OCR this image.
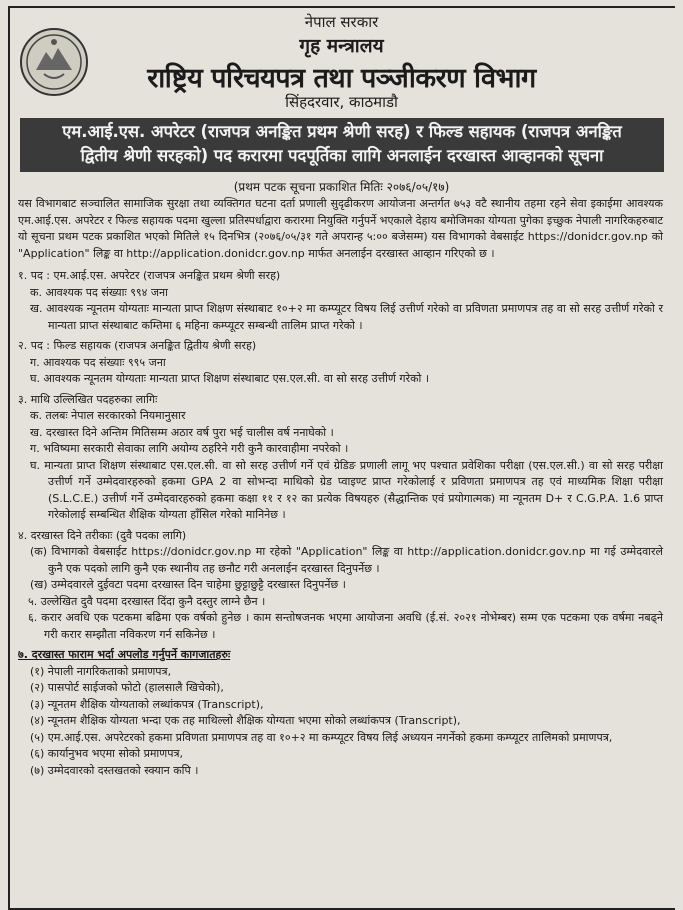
नेपाल सरकार
गृह मन्त्रालय
राष्ट्रिय परिचयपत्र तथा पञ्जीकरण विभाग
सिंहदरवार, काठमाडौ
एम.आई.एस. अपरेटर (राजपत्र अनङ्कित प्रथम श्रेणी सरह) र फिल्ड सहायक (राजपत्र अनङ्कित
द्वितीय श्रेणी सरहको) पद करारमा पदपूर्तिका लागि अनलाईन दरखास्त आव्हानको सूचना
(प्रथम पटक सूचना प्रकाशित मितिः २०७६/०५/१७)

यस विभागबाट सञ्चालित सामाजिक सुरक्षा तथा व्यक्तिगत घटना दर्ता प्रणाली सुदृढीकरण आयोजना अन्तर्गत ७५३ वटै स्थानीय तहमा रहने सेवा इकाईमा आवश्यक एम.आई.एस. अपरेटर र फिल्ड सहायक पदमा खुल्ला प्रतिस्पर्धाद्वारा करारमा नियुक्ति गर्नुपर्ने भएकाले देहाय बमोजिमका योग्यता पुगेका इच्छुक नेपाली नागरिकहरुबाट यो सूचना प्रथम पटक प्रकाशित भएको मितिले १५ दिनभित्र (२०७६/०५/३१ गते अपरान्ह ५:०० बजेसम्म) यस विभागको वेबसाईट https://donidcr.gov.np को "Application" लिङ्क वा http://application.donidcr.gov.np मार्फत अनलाईन दरखास्त आव्हान गरिएको छ ।

१. पद : एम.आई.एस. अपरेटर (राजपत्र अनङ्कित प्रथम श्रेणी सरह)
क. आवश्यक पद संख्याः ९९४ जना
ख. आवश्यक न्यूनतम योग्यताः मान्यता प्राप्त शिक्षण संस्थाबाट १०+२ मा कम्प्यूटर विषय लिई उत्तीर्ण गरेको वा प्रविणता प्रमाणपत्र तह वा सो सरह उत्तीर्ण गरेको र मान्यता प्राप्त संस्थाबाट कम्तिमा ६ महिना कम्प्यूटर सम्बन्धी तालिम प्राप्त गरेको ।
२. पद : फिल्ड सहायक (राजपत्र अनङ्कित द्वितीय श्रेणी सरह)
ग. आवश्यक पद संख्याः ९९५ जना
घ. आवश्यक न्यूनतम योग्यताः मान्यता प्राप्त शिक्षण संस्थाबाट एस.एल.सी. वा सो सरह उत्तीर्ण गरेको ।
३. माथि उल्लिखित पदहरुका लागिः
क. तलबः नेपाल सरकारको नियमानुसार
ख. दरखास्त दिने अन्तिम मितिसम्म अठार वर्ष पुरा भई चालीस वर्ष ननाघेको ।
ग. भविष्यमा सरकारी सेवाका लागि अयोग्य ठहरिने गरी कुनै कारवाहीमा नपरेको ।
घ. मान्यता प्राप्त शिक्षण संस्थाबाट एस.एल.सी. वा सो सरह उत्तीर्ण गर्ने एवं ग्रेडिङ प्रणाली लागू भए पश्चात प्रवेशिका परीक्षा (एस.एल.सी.) वा सो सरह परीक्षा उत्तीर्ण गर्ने उम्मेदवारहरुको हकमा GPA 2 वा सोभन्दा माथिको ग्रेड प्वाइण्ट प्राप्त गरेकोलाई र प्रविणता प्रमाणपत्र तह एवं माध्यमिक शिक्षा परीक्षा (S.L.C.E.) उत्तीर्ण गर्ने उम्मेदवारहरुको हकमा कक्षा ११ र १२ का प्रत्येक विषयहरु (सैद्धान्तिक एवं प्रयोगात्मक) मा न्यूनतम D+ र C.G.P.A. 1.6 प्राप्त गरेकोलाई सम्बन्धित शैक्षिक योग्यता हाँसिल गरेको मानिनेछ ।
४. दरखास्त दिने तरीकाः (दुवै पदका लागि)
(क) विभागको वेबसाईट https://donidcr.gov.np मा रहेको "Application" लिङ्क वा http://application.donidcr.gov.np मा गई उम्मेदवारले कुनै एक पदको लागि कुनै एक स्थानीय तह छनौट गरी अनलाईन दरखास्त दिनुपर्नेछ ।
(ख) उम्मेदवारले दुईवटा पदमा दरखास्त दिन चाहेमा छुट्टाछुट्टै दरखास्त दिनुपर्नेछ ।
५. उल्लेखित दुवै पदमा दरखास्त दिंदा कुनै दस्तुर लाग्ने छैन ।
६. करार अवधि एक पटकमा बढिमा एक वर्षको हुनेछ । काम सन्तोषजनक भएमा आयोजना अवधि (ई.सं. २०२१ नोभेम्बर) सम्म एक पटकमा एक वर्षमा नबढ्ने गरी करार सम्झौता नविकरण गर्न सकिनेछ ।
७. दरखास्त फाराम भर्दा अपलोड गर्नुपर्ने कागजातहरुः
(१) नेपाली नागरिकताको प्रमाणपत्र,
(२) पासपोर्ट साईजको फोटो (हालसालै खिचेको),
(३) न्यूनतम शैक्षिक योग्यताको लब्धांकपत्र (Transcript),
(४) न्यूनतम शैक्षिक योग्यता भन्दा एक तह माथिल्लो शैक्षिक योग्यता भएमा सोको लब्धांकपत्र (Transcript),
(५) एम.आई.एस. अपरेटरको हकमा प्रविणता प्रमाणपत्र तह वा १०+२ मा कम्प्यूटर विषय लिई अध्ययन नगर्नेको हकमा कम्प्यूटर तालिमको प्रमाणपत्र,
(६) कार्यानुभव भएमा सोको प्रमाणपत्र,
(७) उम्मेदवारको दस्तखतको स्क्यान कपि ।
